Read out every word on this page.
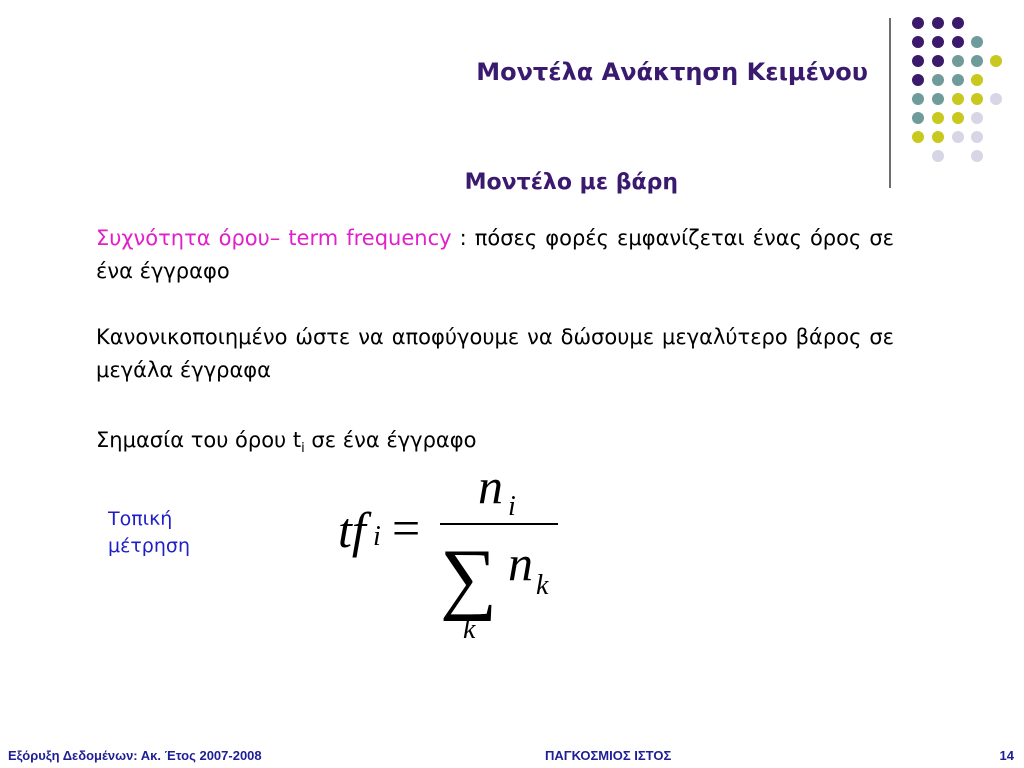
Μοντέλα Ανάκτηση Κειμένου
Μοντέλο με βάρη
Συχνότητα όρου– term frequency : πόσες φορές εμφανίζεται ένας όρος σε ένα έγγραφο
Κανονικοποιημένο ώστε να αποφύγουμε να δώσουμε μεγαλύτερο βάρος σε μεγάλα έγγραφα
Σημασία του όρου $t_i$ σε ένα έγγραφο
Τοπική
μέτρηση	tf i =
n i
∑ n k
k
Εξόρυξη Δεδομένων: Ακ. Έτος 2007-2008	ΠΑΓΚΟΣΜΙΟΣ ΙΣΤΟΣ	14
